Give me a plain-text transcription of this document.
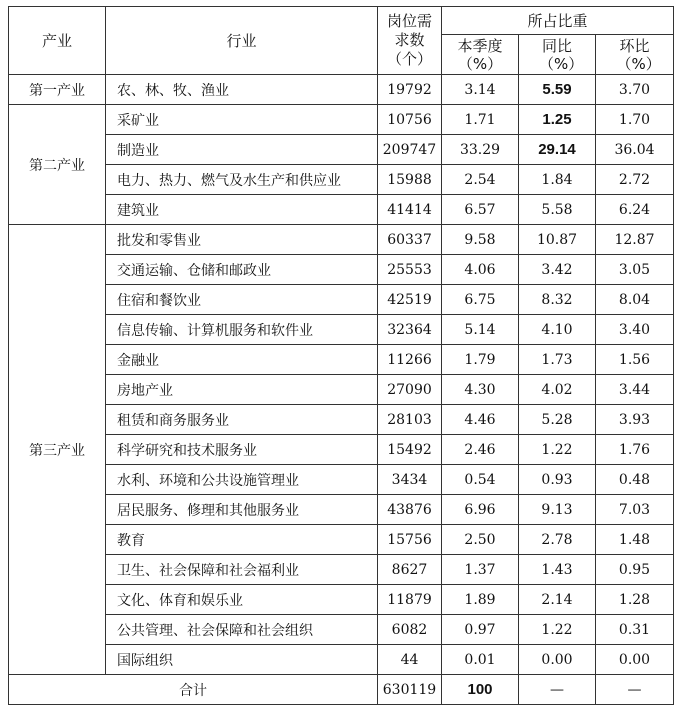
产业	行业	岗位需求数（个）	所占比重		
			本季度（%）	同比（%）	环比（%）
第一产业	农、林、牧、渔业	19792	3.14	5.59	3.70
第二产业	采矿业	10756	1.71	1.25	1.70
	制造业	209747	33.29	29.14	36.04
	电力、热力、燃气及水生产和供应业	15988	2.54	1.84	2.72
	建筑业	41414	6.57	5.58	6.24
第三产业	批发和零售业	60337	9.58	10.87	12.87
	交通运输、仓储和邮政业	25553	4.06	3.42	3.05
	住宿和餐饮业	42519	6.75	8.32	8.04
	信息传输、计算机服务和软件业	32364	5.14	4.10	3.40
	金融业	11266	1.79	1.73	1.56
	房地产业	27090	4.30	4.02	3.44
	租赁和商务服务业	28103	4.46	5.28	3.93
	科学研究和技术服务业	15492	2.46	1.22	1.76
	水利、环境和公共设施管理业	3434	0.54	0.93	0.48
	居民服务、修理和其他服务业	43876	6.96	9.13	7.03
	教育	15756	2.50	2.78	1.48
	卫生、社会保障和社会福利业	8627	1.37	1.43	0.95
	文化、体育和娱乐业	11879	1.89	2.14	1.28
	公共管理、社会保障和社会组织	6082	0.97	1.22	0.31
	国际组织	44	0.01	0.00	0.00
合计		630119	100	—	—
